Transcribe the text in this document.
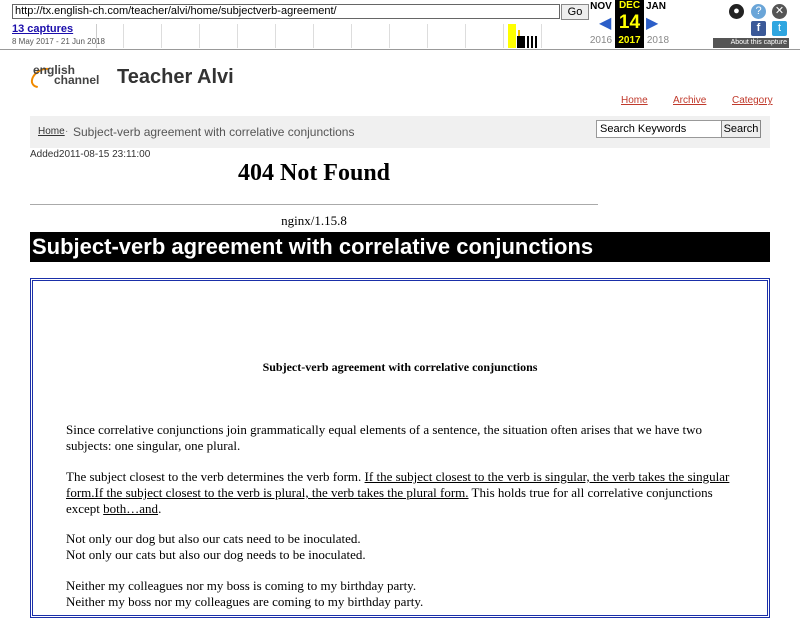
http://tx.english-ch.com/teacher/alvi/home/subjectverb-agreement/	Go
13 captures
8 May 2017 - 21 Jun 2018
NOV
◀
2016
DEC
14
2017
JAN
▶
2018
●	?	✕
f	t
About this capture
english
channel Teacher Alvi
Home	Archive	Category
Home · Subject-verb agreement with correlative conjunctions
Search Keywords	Search
Added2011-08-15 23:11:00
404 Not Found
nginx/1.15.8
Subject-verb agreement with correlative conjunctions
Subject-verb agreement with correlative conjunctions
Since correlative conjunctions join grammatically equal elements of a sentence, the situation often arises that we have two subjects: one singular, one plural.
The subject closest to the verb determines the verb form. If the subject closest to the verb is singular, the verb takes the singular form.If the subject closest to the verb is plural, the verb takes the plural form. This holds true for all correlative conjunctions except both…and.
Not only our dog but also our cats need to be inoculated.
Not only our cats but also our dog needs to be inoculated.
Neither my colleagues nor my boss is coming to my birthday party.
Neither my boss nor my colleagues are coming to my birthday party.
